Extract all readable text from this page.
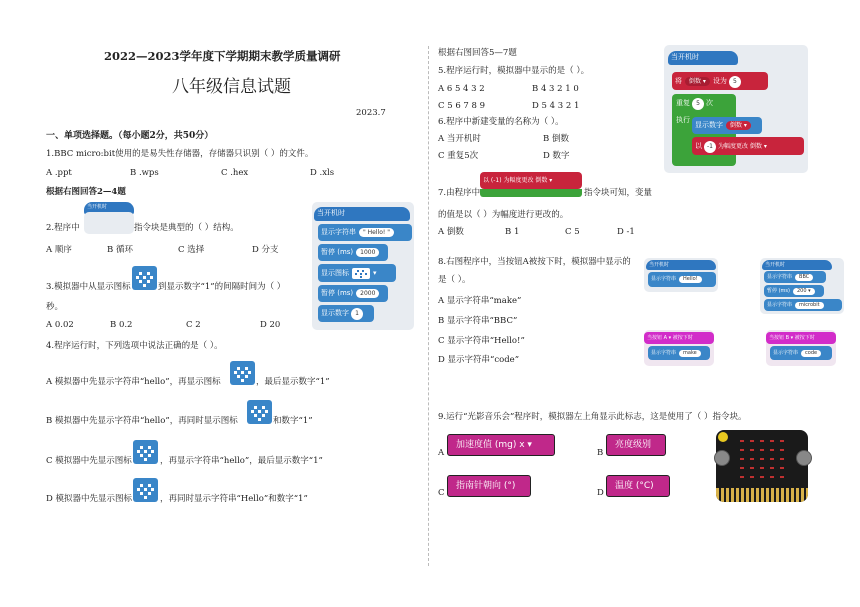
2022—2023学年度下学期期末教学质量调研
八年级信息试题
2023.7
一、单项选择题。（每小题2分，共50分）
1.BBC micro:bit使用的是易失性存储器，存储器只识别（ ）的文件。
A .ppt	B .wps	C .hex	D .xls
根据右图回答2—4题
2.程序中
当开机时
指令块是典型的（ ）结构。
A 顺序	B 循环	C 选择	D 分支
3.模拟器中从显示图标	到显示数字“1”的间隔时间为（ ）
秒。
A 0.02	B 0.2	C 2	D 20
4.程序运行时，下列选项中说法正确的是（ ）。
A 模拟器中先显示字符串“hello”，再显示图标	，最后显示数字“1”
B 模拟器中先显示字符串“hello”，再同时显示图标	和数字“1”
C 模拟器中先显示图标	，再显示字符串“hello”，最后显示数字“1”
D 模拟器中先显示图标	，再同时显示字符串“Hello”和数字“1”
当开机时
显示字符串 " Hello! "
暂停 (ms) 1000
显示图标	▾
暂停 (ms) 2000
显示数字 1
根据右图回答5—7题
5.程序运行时，模拟器中显示的是（ ）。
A 6 5 4 3 2	B 4 3 2 1 0
C 5 6 7 8 9	D 5 4 3 2 1
6.程序中新建变量的名称为（ ）。
A 当开机时	B 倒数
C 重复5次	D 数字
7.由程序中
以 (-1) 为幅度更改 倒数 ▾
指令块可知，变量
的值是以（ ）为幅度进行更改的。
A 倒数	B 1	C 5	D -1
当开机时
将 倒数 ▾ 设为 5
重复 5 次
执行
显示数字 倒数 ▾
以 -1 为幅度更改 倒数 ▾
8.右图程序中，当按钮A被按下时，模拟器中显示的
是（ ）。
A 显示字符串“make”
B 显示字符串“BBC”
C 显示字符串“Hello!”
D 显示字符串“code”
当开机时
显示字符串 Hello!
当开机时
显示字符串 BBC
暂停 (ms) 200 ▾
显示字符串 microbit
当按钮 A ▾ 被按下时
显示字符串 make
当按钮 B ▾ 被按下时
显示字符串 code
9.运行“光影音乐会”程序时，模拟器左上角显示此标志，这是使用了（ ）指令块。
A
加速度值 (mg) x ▾
B
亮度级别
C
指南针朝向 (°)
D
温度 (°C)
